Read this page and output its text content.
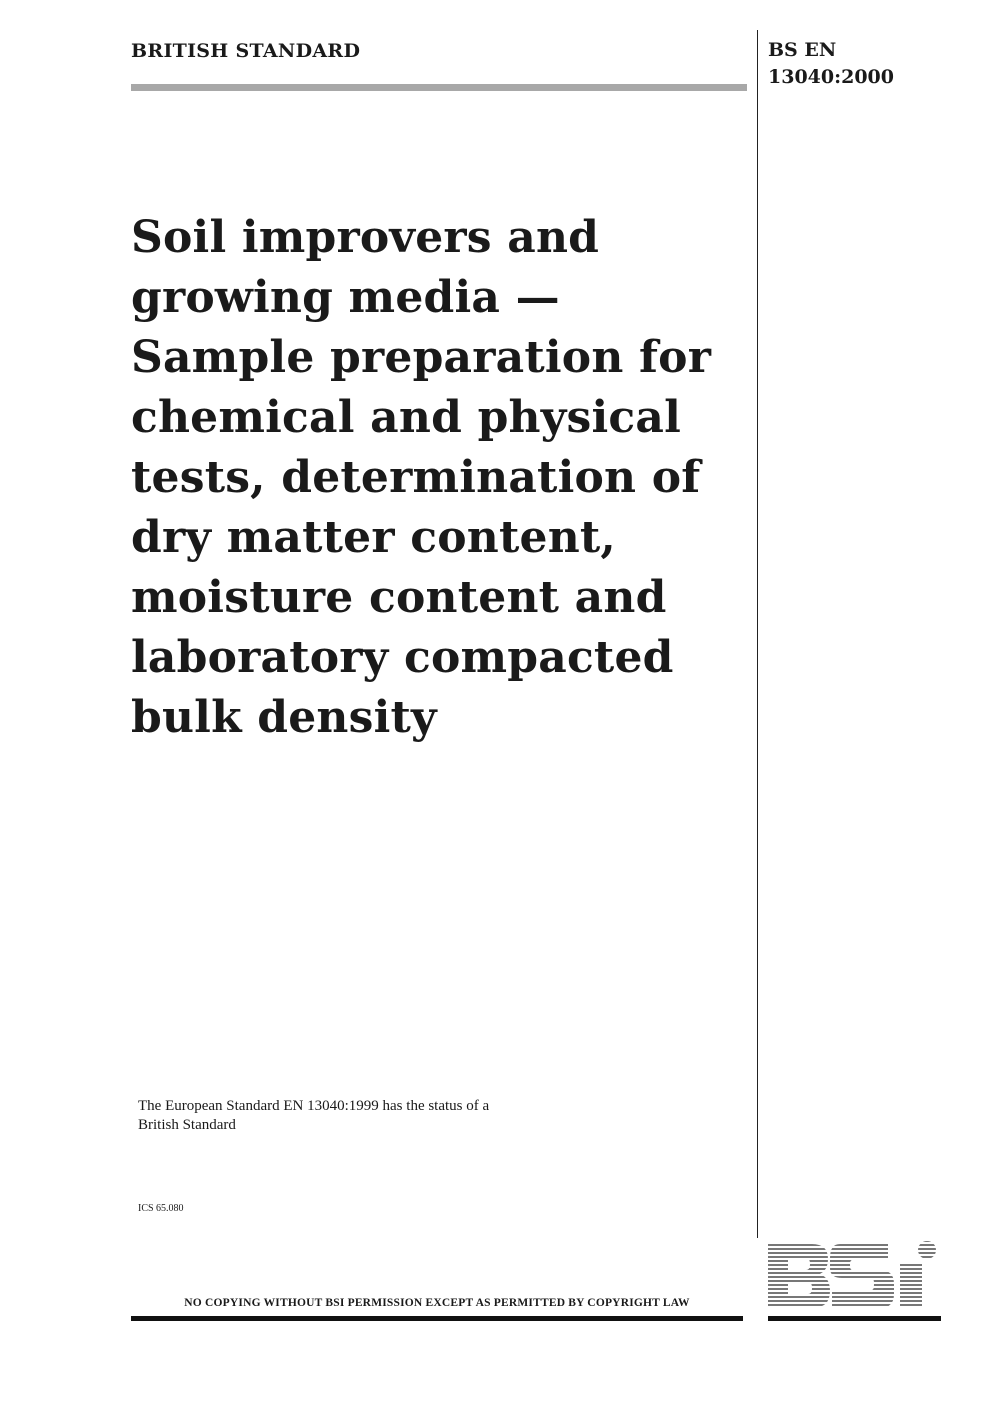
BRITISH STANDARD	BS EN
13040:2000
Soil improvers and
growing media —
Sample preparation for
chemical and physical
tests, determination of
dry matter content,
moisture content and
laboratory compacted
bulk density
The European Standard EN 13040:1999 has the status of a
British Standard
ICS 65.080
NO COPYING WITHOUT BSI PERMISSION EXCEPT AS PERMITTED BY COPYRIGHT LAW
